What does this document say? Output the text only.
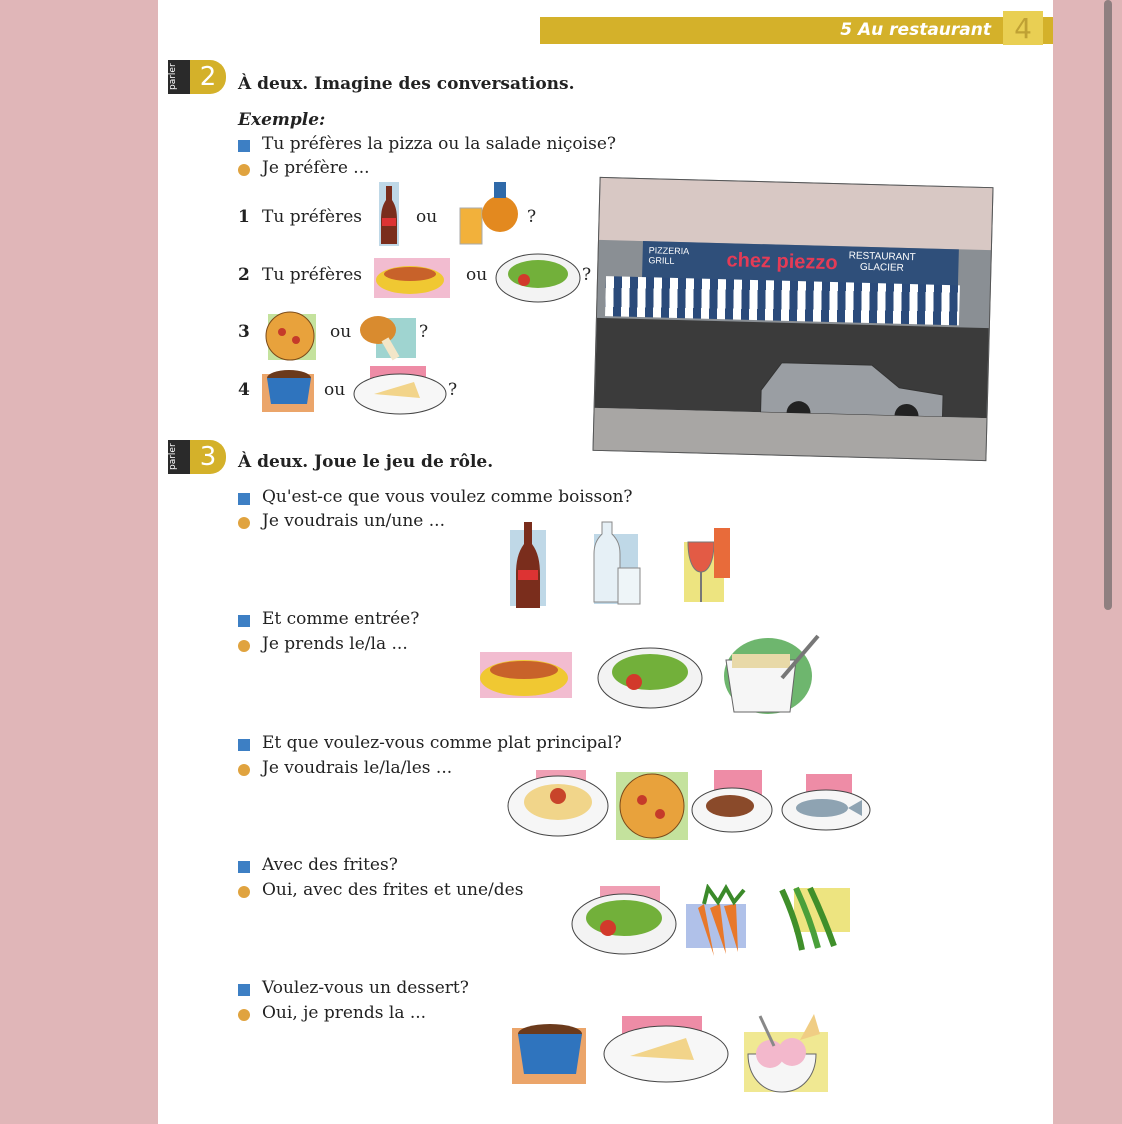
5 Au restaurant 4
parler 2	À deux. Imagine des conversations.
Exemple:
Tu préfères la pizza ou la salade niçoise?
Je préfère ...
1 Tu préfères	ou	?
2 Tu préfères	ou	?
3	ou	?
4	ou	?
PIZZERIA
GRILL	chez piezzo RESTAURANT
GLACIER
parler 3	À deux. Joue le jeu de rôle.
Qu'est-ce que vous voulez comme boisson?
Je voudrais un/une ...
Et comme entrée?
Je prends le/la ...
Et que voulez-vous comme plat principal?
Je voudrais le/la/les ...
Avec des frites?
Oui, avec des frites et une/des
Voulez-vous un dessert?
Oui, je prends la ...
